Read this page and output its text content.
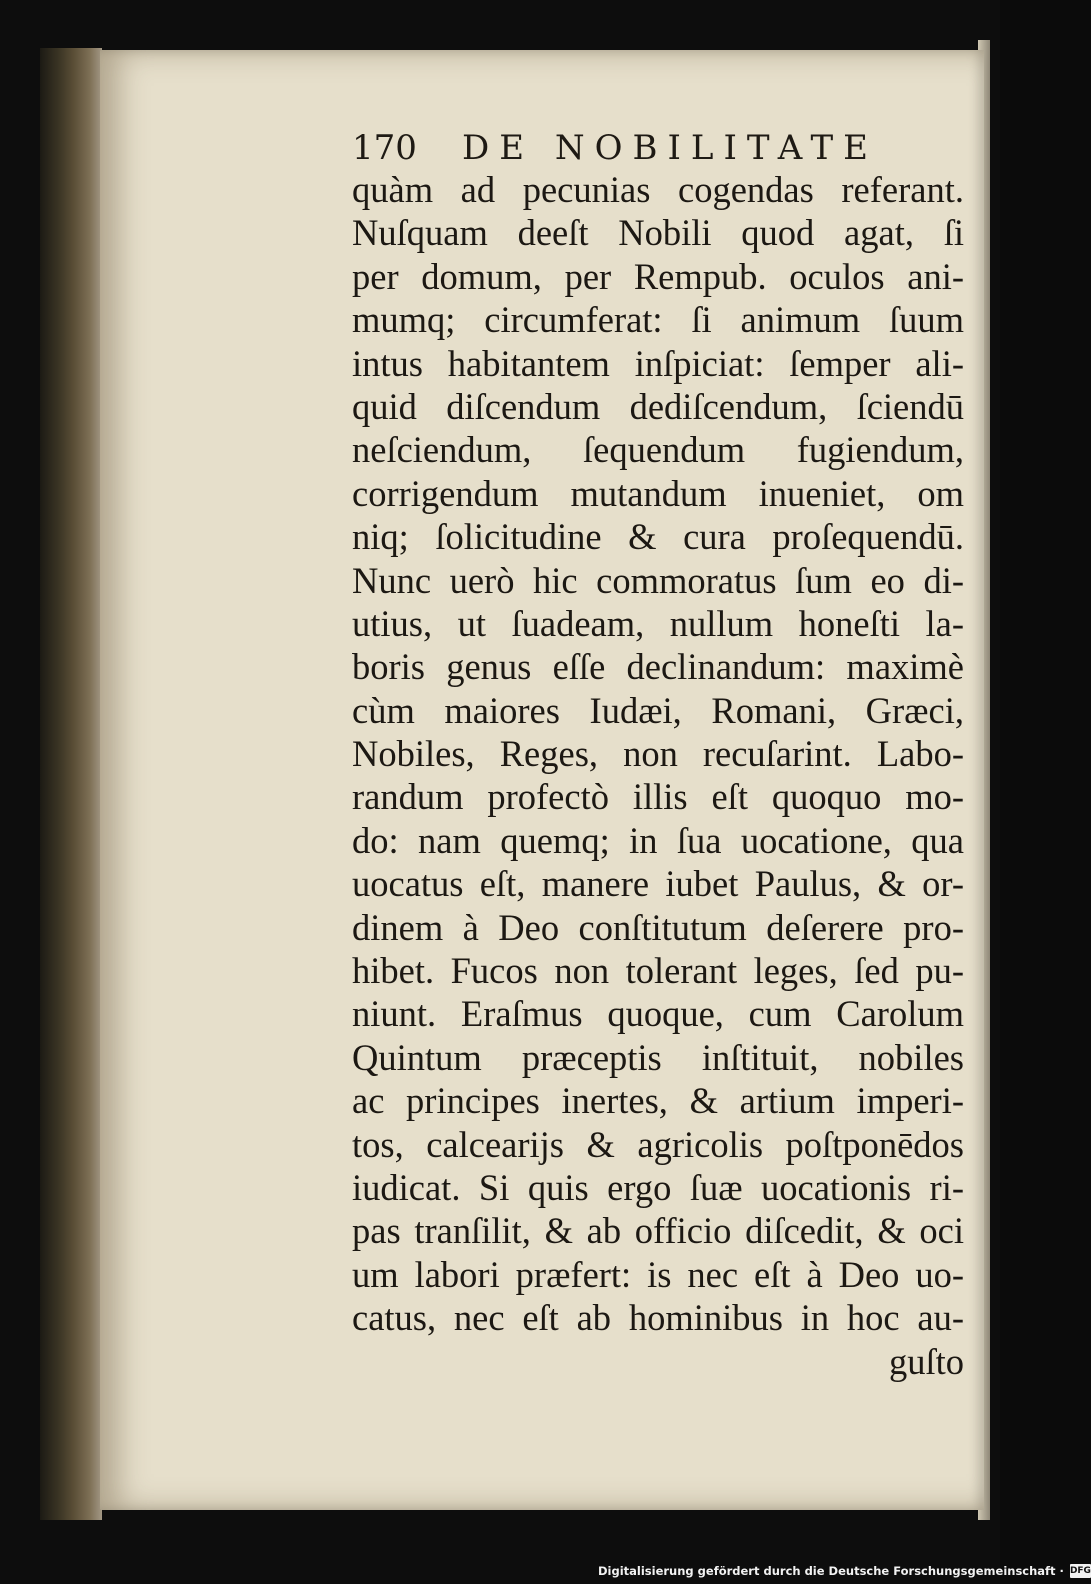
170 DE NOBILITATE
quàm ad pecunias cogendas referant.
Nuſquam deeſt Nobili quod agat, ſi
per domum, per Rempub. oculos ani-
mumq; circumferat: ſi animum ſuum
intus habitantem inſpiciat: ſemper ali-
quid diſcendum dediſcendum, ſciendū
neſciendum, ſequendum fugiendum,
corrigendum mutandum inueniet, om
niq; ſolicitudine & cura proſequendū.
Nunc uerò hic commoratus ſum eo di-
utius, ut ſuadeam, nullum honeſti la-
boris genus eſſe declinandum: maximè
cùm maiores Iudæi, Romani, Græci,
Nobiles, Reges, non recuſarint. Labo-
randum profectò illis eſt quoquo mo-
do: nam quemq; in ſua uocatione, qua
uocatus eſt, manere iubet Paulus, & or-
dinem à Deo conſtitutum deſerere pro-
hibet. Fucos non tolerant leges, ſed pu-
niunt. Eraſmus quoque, cum Carolum
Quintum præceptis inſtituit, nobiles
ac principes inertes, & artium imperi-
tos, calcearijs & agricolis poſtponēdos
iudicat. Si quis ergo ſuæ uocationis ri-
pas tranſilit, & ab officio diſcedit, & oci
um labori præfert: is nec eſt à Deo uo-
catus, nec eſt ab hominibus in hoc au-
guſto
Digitalisierung gefördert durch die Deutsche Forschungsgemeinschaft · DFG
